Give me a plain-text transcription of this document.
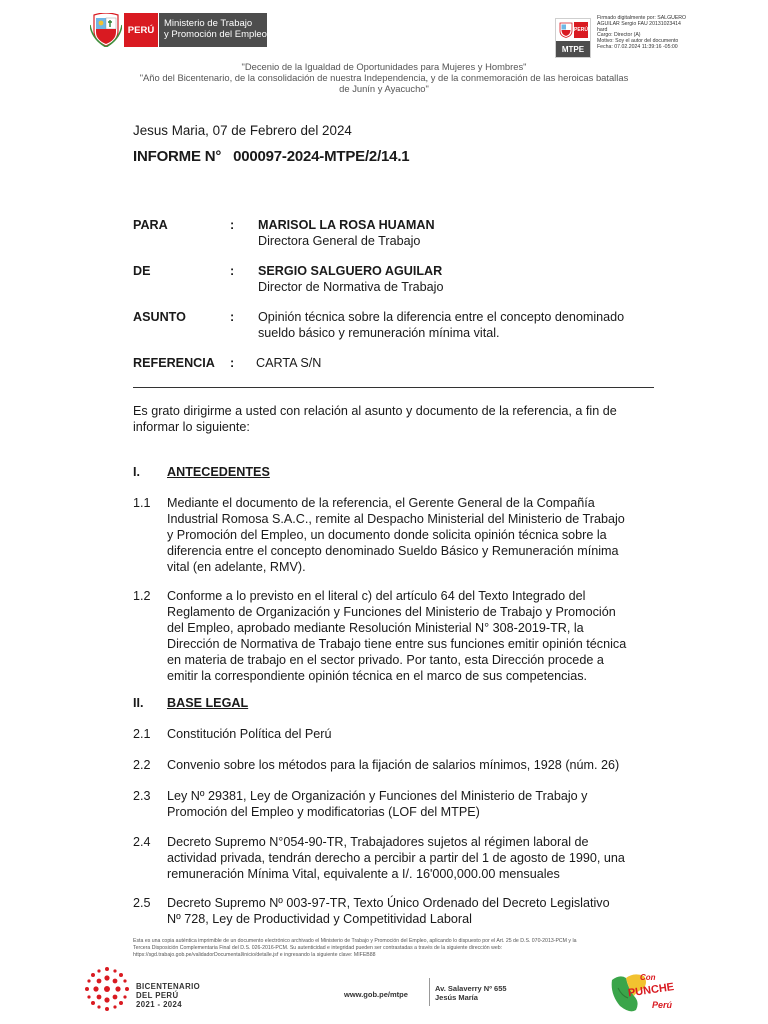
PERÚ
Ministerio de Trabajo
y Promoción del Empleo	PERÚ
MTPE
Firmado digitalmente por: SALGUERO
AGUILAR Sergio FAU 20131023414
hard
Cargo: Director (A)
Motivo: Soy el autor del documento
Fecha: 07.02.2024 11:39:16 -05:00
"Decenio de la Igualdad de Oportunidades para Mujeres y Hombres"
"Año del Bicentenario, de la consolidación de nuestra Independencia, y de la conmemoración de las heroicas batallas
de Junín y Ayacucho"
Jesus Maria, 07 de Febrero del 2024
INFORME N° 000097-2024-MTPE/2/14.1
PARA	: MARISOL LA ROSA HUAMAN
Directora General de Trabajo
DE	: SERGIO SALGUERO AGUILAR
Director de Normativa de Trabajo
ASUNTO	: Opinión técnica sobre la diferencia entre el concepto denominado
sueldo básico y remuneración mínima vital.
REFERENCIA : CARTA S/N
Es grato dirigirme a usted con relación al asunto y documento de la referencia, a fin de
informar lo siguiente:
I. ANTECEDENTES
1.1 Mediante el documento de la referencia, el Gerente General de la Compañía
Industrial Romosa S.A.C., remite al Despacho Ministerial del Ministerio de Trabajo
y Promoción del Empleo, un documento donde solicita opinión técnica sobre la
diferencia entre el concepto denominado Sueldo Básico y Remuneración mínima
vital (en adelante, RMV).
1.2 Conforme a lo previsto en el literal c) del artículo 64 del Texto Integrado del
Reglamento de Organización y Funciones del Ministerio de Trabajo y Promoción
del Empleo, aprobado mediante Resolución Ministerial N° 308-2019-TR, la
Dirección de Normativa de Trabajo tiene entre sus funciones emitir opinión técnica
en materia de trabajo en el sector privado. Por tanto, esta Dirección procede a
emitir la correspondiente opinión técnica en el marco de sus competencias.
II. BASE LEGAL
2.1 Constitución Política del Perú
2.2 Convenio sobre los métodos para la fijación de salarios mínimos, 1928 (núm. 26)
2.3 Ley Nº 29381, Ley de Organización y Funciones del Ministerio de Trabajo y
Promoción del Empleo y modificatorias (LOF del MTPE)
2.4 Decreto Supremo N°054-90-TR, Trabajadores sujetos al régimen laboral de
actividad privada, tendrán derecho a percibir a partir del 1 de agosto de 1990, una
remuneración Mínima Vital, equivalente a I/. 16'000,000.00 mensuales
2.5 Decreto Supremo Nº 003-97-TR, Texto Único Ordenado del Decreto Legislativo
Nº 728, Ley de Productividad y Competitividad Laboral
Esta es una copia auténtica imprimible de un documento electrónico archivado el Ministerio de Trabajo y Promoción del Empleo, aplicando lo dispuesto por el Art. 25 de D.S. 070-2013-PCM y la
Tercera Disposición Complementaria Final del D.S. 026-2016-PCM. Su autenticidad e integridad pueden ser contrastadas a través de la siguiente dirección web:
https://sgd.trabajo.gob.pe/validadorDocumental/inicio/detalle.jsf e ingresando la siguiente clave: MIFEB88
BICENTENARIO
DEL PERÚ
2021 - 2024
www.gob.pe/mtpe
Av. Salaverry Nº 655
Jesús María
Con
PUNCHE
Perú
